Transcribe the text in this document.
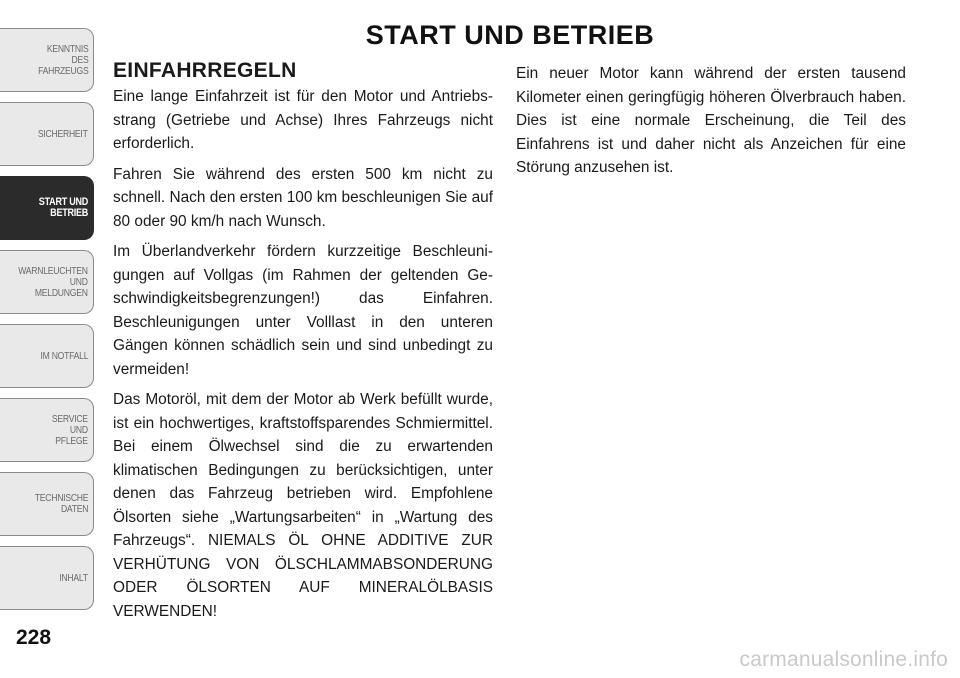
KENNTNIS
DES
FAHRZEUGS
SICHERHEIT
START UND
BETRIEB
WARNLEUCHTEN
UND
MELDUNGEN
IM NOTFALL
SERVICE
UND
PFLEGE
TECHNISCHE
DATEN
INHALT
228
START UND BETRIEB
EINFAHRREGELN

Eine lange Einfahrzeit ist für den Motor und Antriebsstrang (Getriebe und Achse) Ihres Fahrzeugs nicht erforderlich.

Fahren Sie während des ersten 500 km nicht zu schnell. Nach den ersten 100 km beschleunigen Sie auf 80 oder 90 km/h nach Wunsch.

Im Überlandverkehr fördern kurzzeitige Beschleunigungen auf Vollgas (im Rahmen der geltenden Geschwindigkeitsbegrenzungen!) das Einfahren. Beschleunigungen unter Volllast in den unteren Gängen können schädlich sein und sind unbedingt zu vermeiden!

Das Motoröl, mit dem der Motor ab Werk befüllt wurde, ist ein hochwertiges, kraftstoffsparendes Schmiermittel. Bei einem Ölwechsel sind die zu erwartenden klimatischen Bedingungen zu berücksichtigen, unter denen das Fahrzeug betrieben wird. Empfohlene Ölsorten siehe „Wartungsarbeiten“ in „Wartung des Fahrzeugs“. NIEMALS ÖL OHNE ADDITIVE ZUR VERHÜTUNG VON ÖLSCHLAMMABSONDERUNG ODER ÖLSORTEN AUF MINERALÖLBASIS VERWENDEN!

Ein neuer Motor kann während der ersten tausend Kilometer einen geringfügig höheren Ölverbrauch haben. Dies ist eine normale Erscheinung, die Teil des Einfahrens ist und daher nicht als Anzeichen für eine Störung anzusehen ist.

carmanualsonline.info
